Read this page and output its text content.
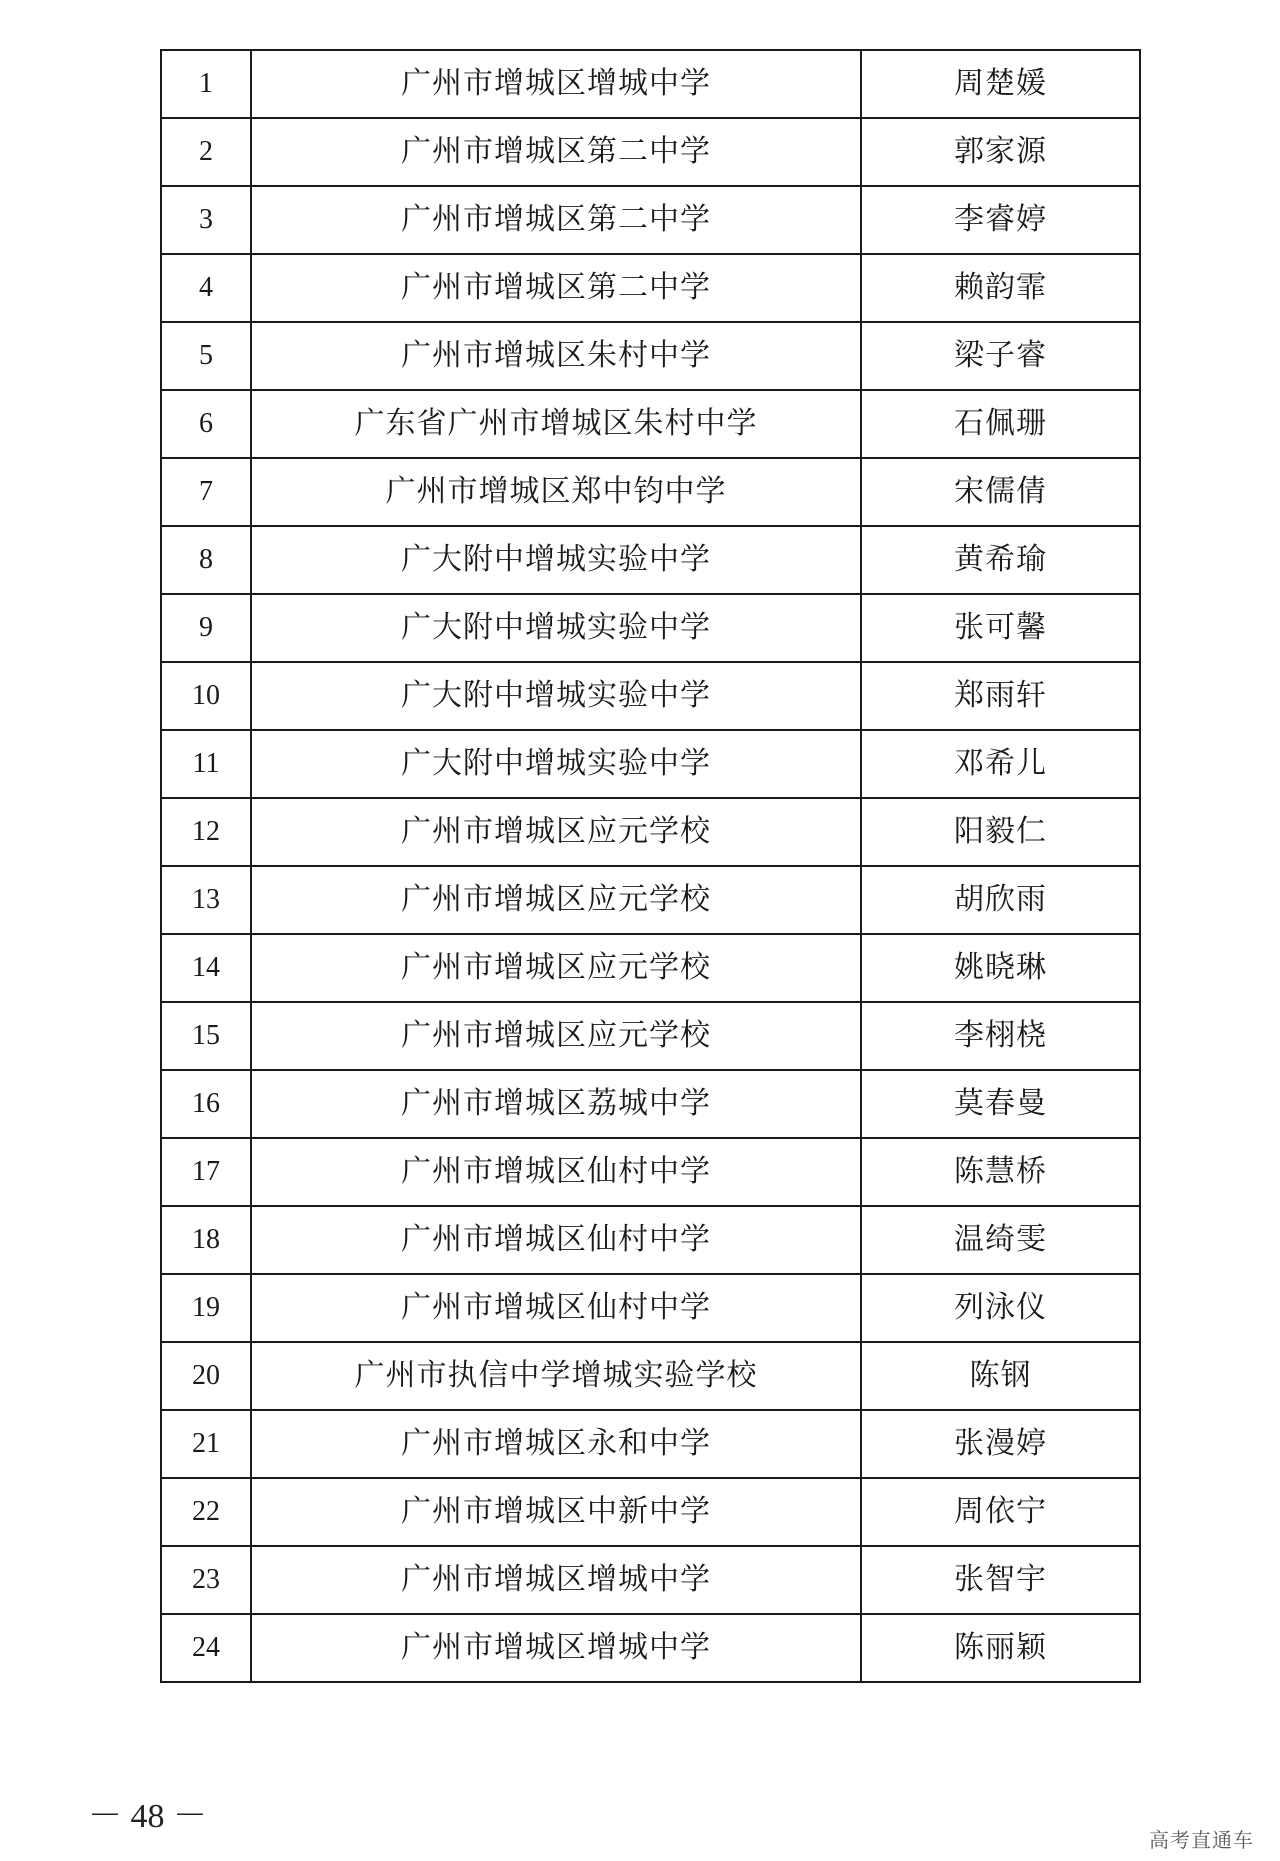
1	广州市增城区增城中学	周楚媛
2	广州市增城区第二中学	郭家源
3	广州市增城区第二中学	李睿婷
4	广州市增城区第二中学	赖韵霏
5	广州市增城区朱村中学	梁子睿
6	广东省广州市增城区朱村中学	石佩珊
7	广州市增城区郑中钧中学	宋儒倩
8	广大附中增城实验中学	黄希瑜
9	广大附中增城实验中学	张可馨
10	广大附中增城实验中学	郑雨轩
11	广大附中增城实验中学	邓希儿
12	广州市增城区应元学校	阳毅仁
13	广州市增城区应元学校	胡欣雨
14	广州市增城区应元学校	姚晓琳
15	广州市增城区应元学校	李栩桡
16	广州市增城区荔城中学	莫春曼
17	广州市增城区仙村中学	陈慧桥
18	广州市增城区仙村中学	温绮雯
19	广州市增城区仙村中学	列泳仪
20	广州市执信中学增城实验学校	陈钢
21	广州市增城区永和中学	张漫婷
22	广州市增城区中新中学	周依宁
23	广州市增城区增城中学	张智宇
24	广州市增城区增城中学	陈丽颖
－ 48 －
高考直通车
